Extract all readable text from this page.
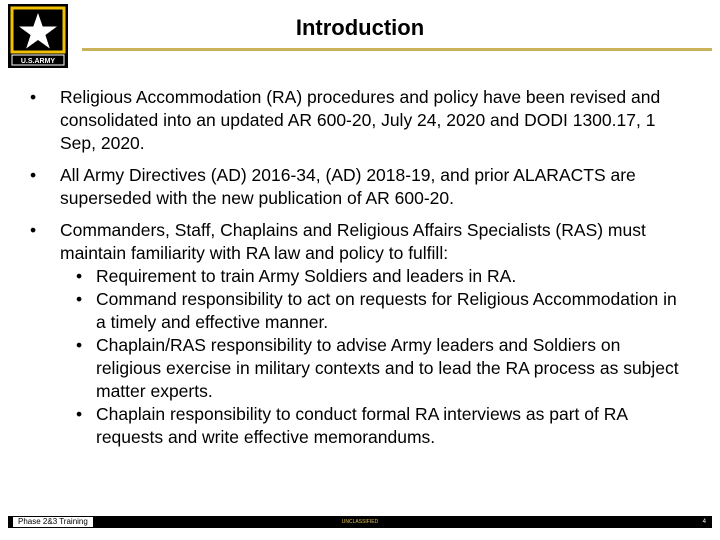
U.S.ARMY
Introduction
• Religious Accommodation (RA) procedures and policy have been revised and consolidated into an updated AR 600-20, July 24, 2020 and DODI 1300.17, 1 Sep, 2020.
• All Army Directives (AD) 2016-34, (AD) 2018-19, and prior ALARACTS are superseded with the new publication of AR 600-20.
• Commanders, Staff, Chaplains and Religious Affairs Specialists (RAS) must maintain familiarity with RA law and policy to fulfill:
• Requirement to train Army Soldiers and leaders in RA.
• Command responsibility to act on requests for Religious Accommodation in a timely and effective manner.
• Chaplain/RAS responsibility to advise Army leaders and Soldiers on religious exercise in military contexts and to lead the RA process as subject matter experts.
• Chaplain responsibility to conduct formal RA interviews as part of RA requests and write effective memorandums.
Phase 2&3 Training	UNCLASSIFIED	4
